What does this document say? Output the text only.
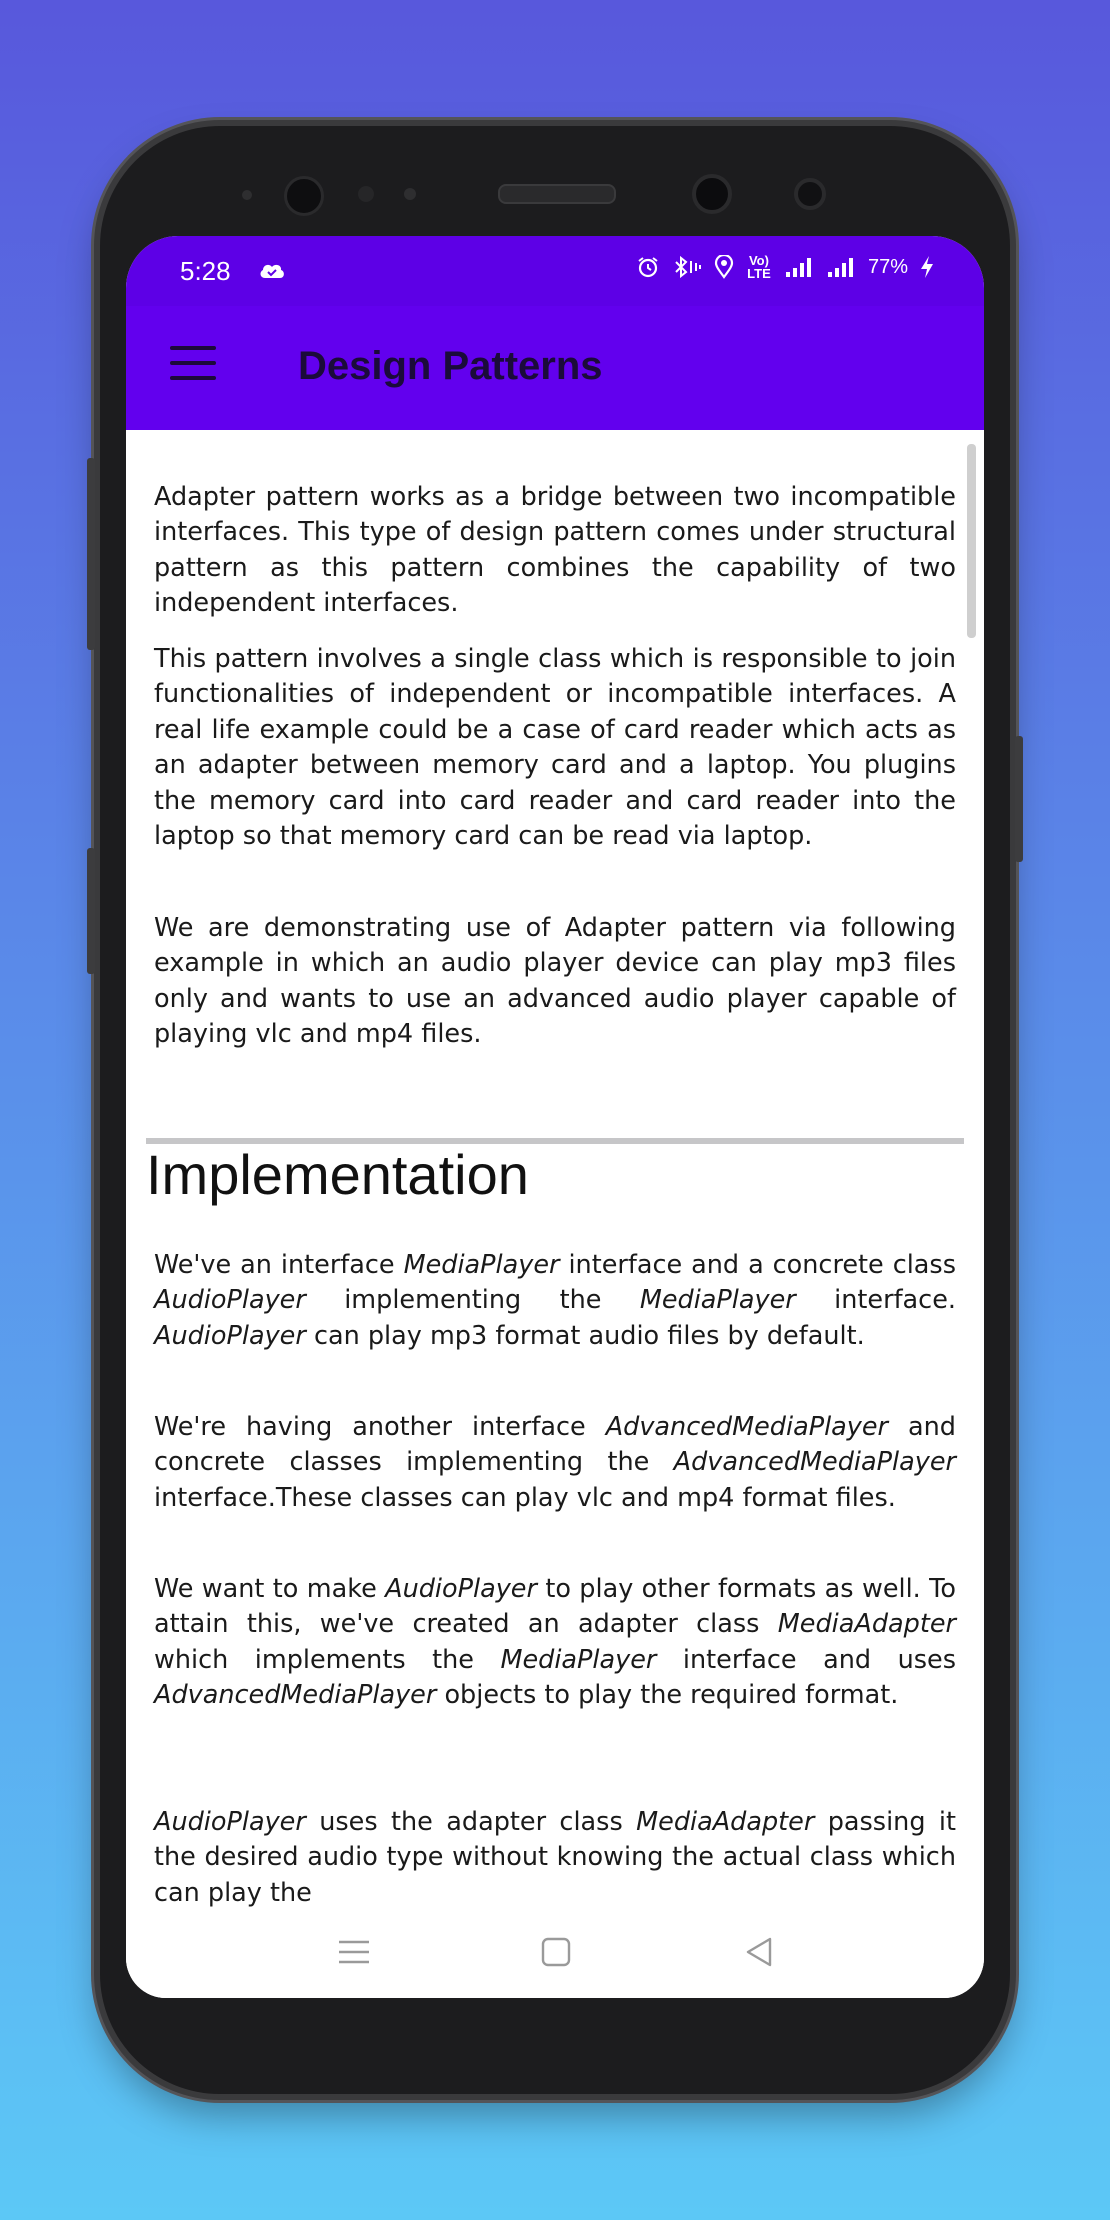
5:28	Vo) LTE	77%
Design Patterns

Adapter pattern works as a bridge between two incompatible interfaces. This type of design pattern comes under structural pattern as this pattern combines the capability of two independent interfaces.

This pattern involves a single class which is responsible to join functionalities of independent or incompatible interfaces. A real life example could be a case of card reader which acts as an adapter between memory card and a laptop. You plugins the memory card into card reader and card reader into the laptop so that memory card can be read via laptop.

We are demonstrating use of Adapter pattern via following example in which an audio player device can play mp3 files only and wants to use an advanced audio player capable of playing vlc and mp4 files.

Implementation

We've an interface MediaPlayer interface and a concrete class AudioPlayer implementing the MediaPlayer interface. AudioPlayer can play mp3 format audio files by default.

We're having another interface AdvancedMediaPlayer and concrete classes implementing the AdvancedMediaPlayer interface.These classes can play vlc and mp4 format files.

We want to make AudioPlayer to play other formats as well. To attain this, we've created an adapter class MediaAdapter which implements the MediaPlayer interface and uses AdvancedMediaPlayer objects to play the required format.

AudioPlayer uses the adapter class MediaAdapter passing it the desired audio type without knowing the actual class which can play the
